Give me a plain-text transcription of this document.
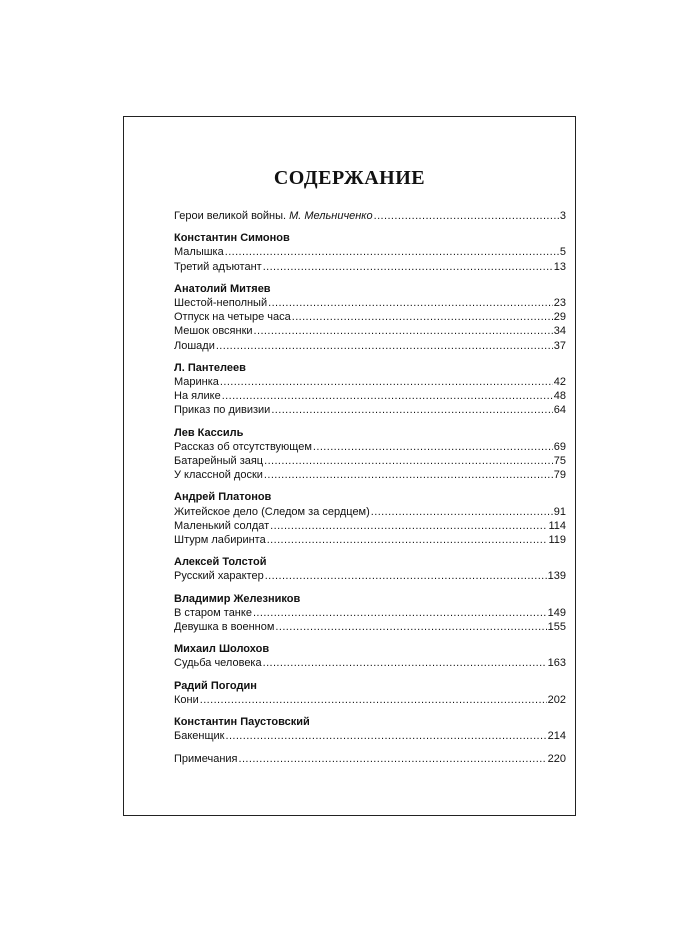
СОДЕРЖАНИЕ
Герои великой войны. М. Мельниченко .....	3
Константин Симонов
Малышка .....	5
Третий адъютант .....	13
Анатолий Митяев
Шестой-неполный .....	23
Отпуск на четыре часа .....	29
Мешок овсянки .....	34
Лошади .....	37
Л. Пантелеев
Маринка .....	42
На ялике .....	48
Приказ по дивизии .....	64
Лев Кассиль
Рассказ об отсутствующем .....	69
Батарейный заяц .....	75
У классной доски .....	79
Андрей Платонов
Житейское дело (Следом за сердцем) .....	91
Маленький солдат .....	114
Штурм лабиринта .....	119
Алексей Толстой
Русский характер .....	139
Владимир Железников
В старом танке .....	149
Девушка в военном .....	155
Михаил Шолохов
Судьба человека .....	163
Радий Погодин
Кони .....	202
Константин Паустовский
Бакенщик .....	214
Примечания .....	220
